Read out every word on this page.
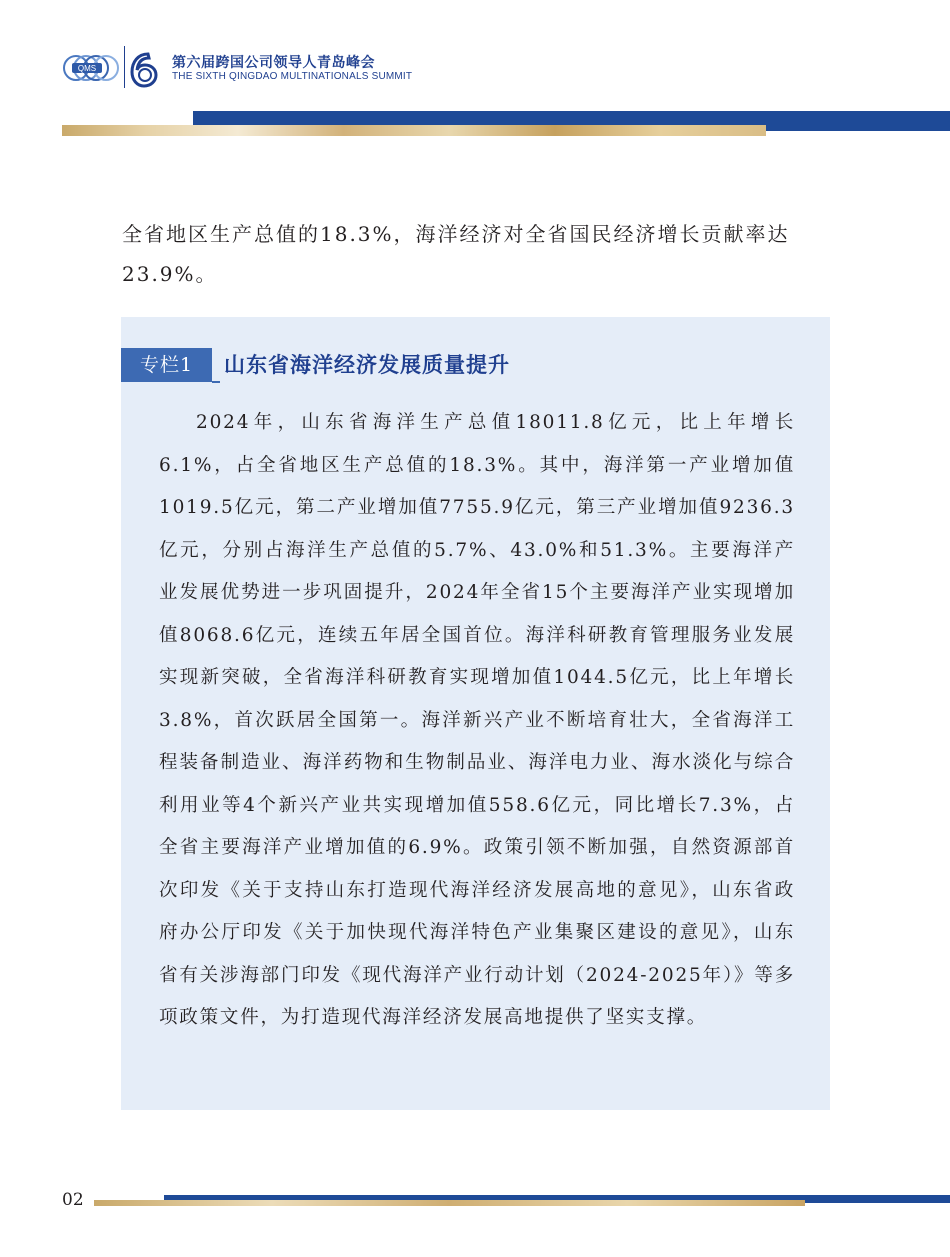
QMS	第六届跨国公司领导人青岛峰会
THE SIXTH QINGDAO MULTINATIONALS SUMMIT

全省地区生产总值的18.3%，海洋经济对全省国民经济增长贡献率达23.9%。

专栏1	山东省海洋经济发展质量提升

2024年，山东省海洋生产总值18011.8亿元，比上年增长6.1%，占全省地区生产总值的18.3%。其中，海洋第一产业增加值1019.5亿元，第二产业增加值7755.9亿元，第三产业增加值9236.3亿元，分别占海洋生产总值的5.7%、43.0%和51.3%。主要海洋产业发展优势进一步巩固提升，2024年全省15个主要海洋产业实现增加值8068.6亿元，连续五年居全国首位。海洋科研教育管理服务业发展实现新突破，全省海洋科研教育实现增加值1044.5亿元，比上年增长3.8%，首次跃居全国第一。海洋新兴产业不断培育壮大，全省海洋工程装备制造业、海洋药物和生物制品业、海洋电力业、海水淡化与综合利用业等4个新兴产业共实现增加值558.6亿元，同比增长7.3%，占全省主要海洋产业增加值的6.9%。政策引领不断加强，自然资源部首次印发《关于支持山东打造现代海洋经济发展高地的意见》，山东省政府办公厅印发《关于加快现代海洋特色产业集聚区建设的意见》，山东省有关涉海部门印发《现代海洋产业行动计划（2024-2025年）》等多项政策文件，为打造现代海洋经济发展高地提供了坚实支撑。

02
